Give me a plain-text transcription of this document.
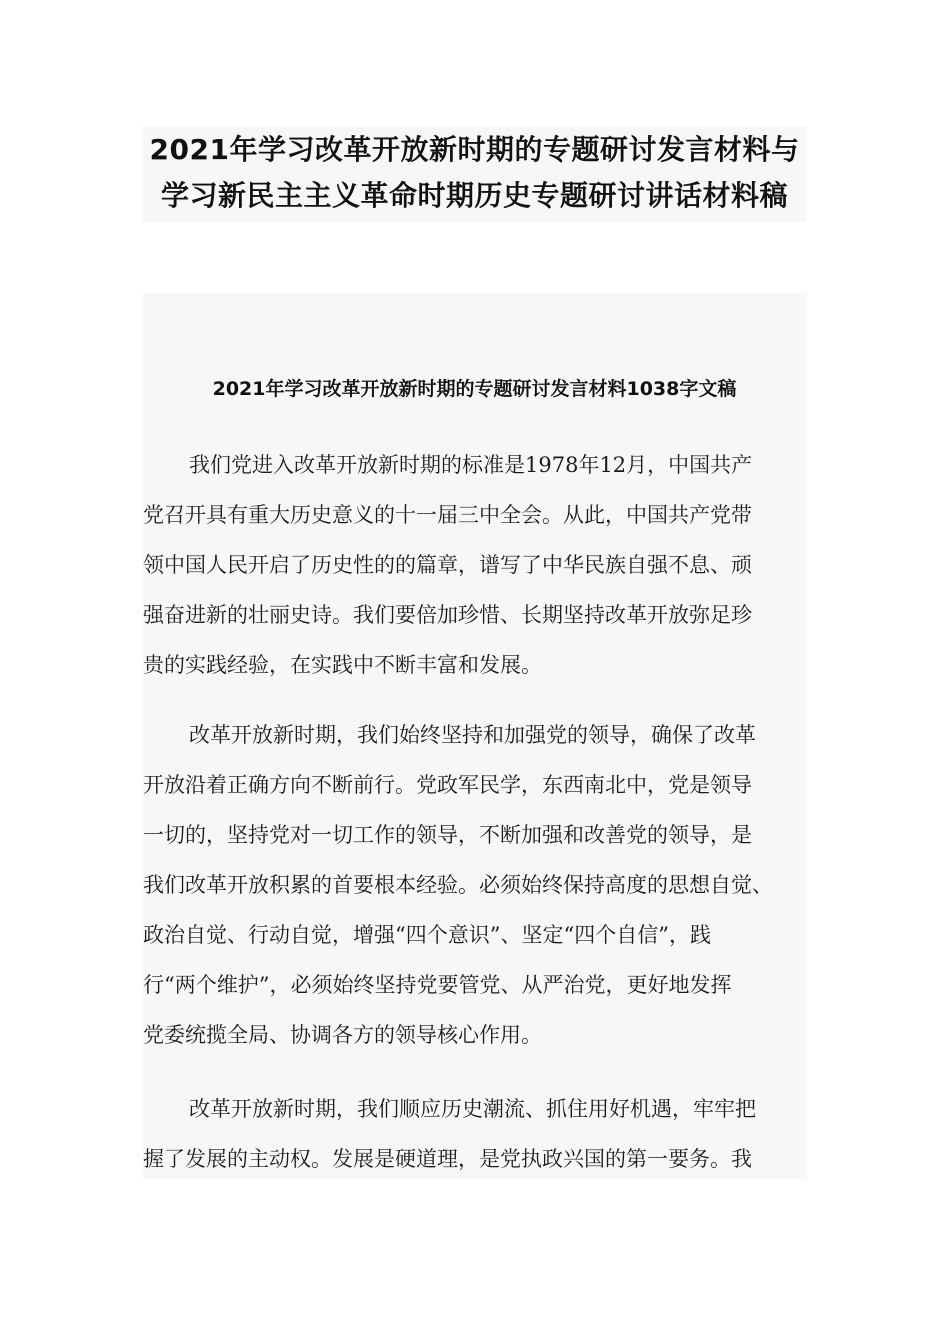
2021年学习改革开放新时期的专题研讨发言材料与
学习新民主主义革命时期历史专题研讨讲话材料稿
2021年学习改革开放新时期的专题研讨发言材料1038字文稿
我们党进入改革开放新时期的标准是1978年12月，中国共产
党召开具有重大历史意义的十一届三中全会。从此，中国共产党带
领中国人民开启了历史性的的篇章，谱写了中华民族自强不息、顽
强奋进新的壮丽史诗。我们要倍加珍惜、长期坚持改革开放弥足珍
贵的实践经验，在实践中不断丰富和发展。
改革开放新时期，我们始终坚持和加强党的领导，确保了改革
开放沿着正确方向不断前行。党政军民学，东西南北中，党是领导
一切的，坚持党对一切工作的领导，不断加强和改善党的领导，是
我们改革开放积累的首要根本经验。必须始终保持高度的思想自觉、
政治自觉、行动自觉，增强“四个意识”、坚定“四个自信”，践
行“两个维护”，必须始终坚持党要管党、从严治党，更好地发挥
党委统揽全局、协调各方的领导核心作用。
改革开放新时期，我们顺应历史潮流、抓住用好机遇，牢牢把
握了发展的主动权。发展是硬道理，是党执政兴国的第一要务。我
